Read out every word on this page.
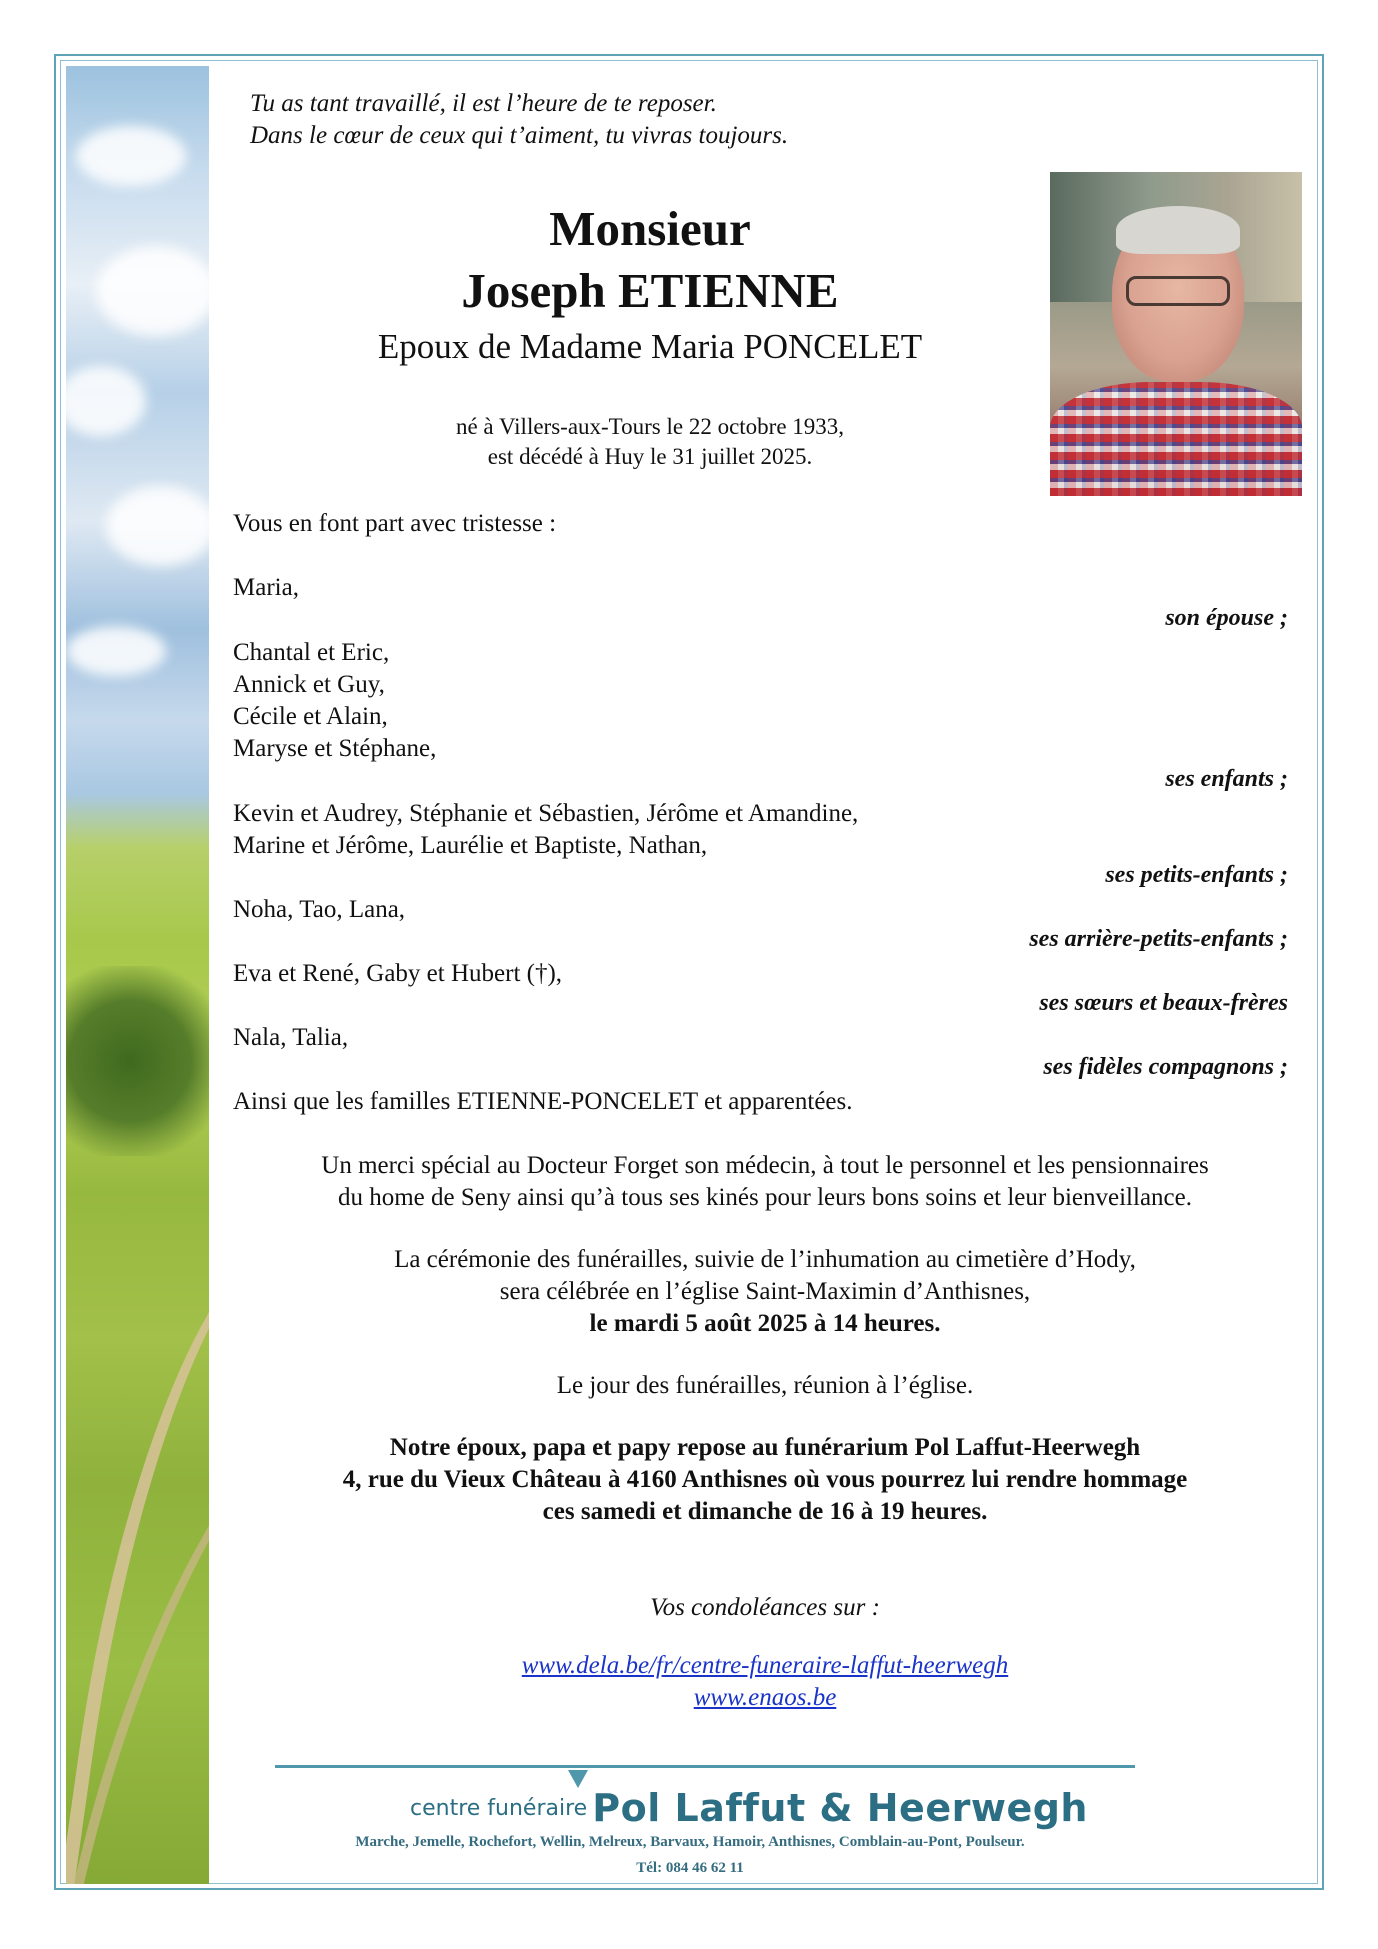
Tu as tant travaillé, il est l’heure de te reposer.
Dans le cœur de ceux qui t’aiment, tu vivras toujours.
Monsieur
Joseph ETIENNE
Epoux de Madame Maria PONCELET
né à Villers-aux-Tours le 22 octobre 1933,
est décédé à Huy le 31 juillet 2025.
Vous en font part avec tristesse :
Maria,
son épouse ;
Chantal et Eric,
Annick et Guy,
Cécile et Alain,
Maryse et Stéphane,
ses enfants ;
Kevin et Audrey, Stéphanie et Sébastien, Jérôme et Amandine,
Marine et Jérôme, Laurélie et Baptiste, Nathan,
ses petits-enfants ;
Noha, Tao, Lana,
ses arrière-petits-enfants ;
Eva et René, Gaby et Hubert (†),
ses sœurs et beaux-frères
Nala, Talia,
ses fidèles compagnons ;
Ainsi que les familles ETIENNE-PONCELET et apparentées.
Un merci spécial au Docteur Forget son médecin, à tout le personnel et les pensionnaires
du home de Seny ainsi qu’à tous ses kinés pour leurs bons soins et leur bienveillance.
La cérémonie des funérailles, suivie de l’inhumation au cimetière d’Hody,
sera célébrée en l’église Saint-Maximin d’Anthisnes,
le mardi 5 août 2025 à 14 heures.
Le jour des funérailles, réunion à l’église.
Notre époux, papa et papy repose au funérarium Pol Laffut-Heerwegh
4, rue du Vieux Château à 4160 Anthisnes où vous pourrez lui rendre hommage
ces samedi et dimanche de 16 à 19 heures.
Vos condoléances sur :
www.dela.be/fr/centre-funeraire-laffut-heerwegh
www.enaos.be
centre funéraire Pol Laffut & Heerwegh
Marche, Jemelle, Rochefort, Wellin, Melreux, Barvaux, Hamoir, Anthisnes, Comblain-au-Pont, Poulseur.
Tél: 084 46 62 11
